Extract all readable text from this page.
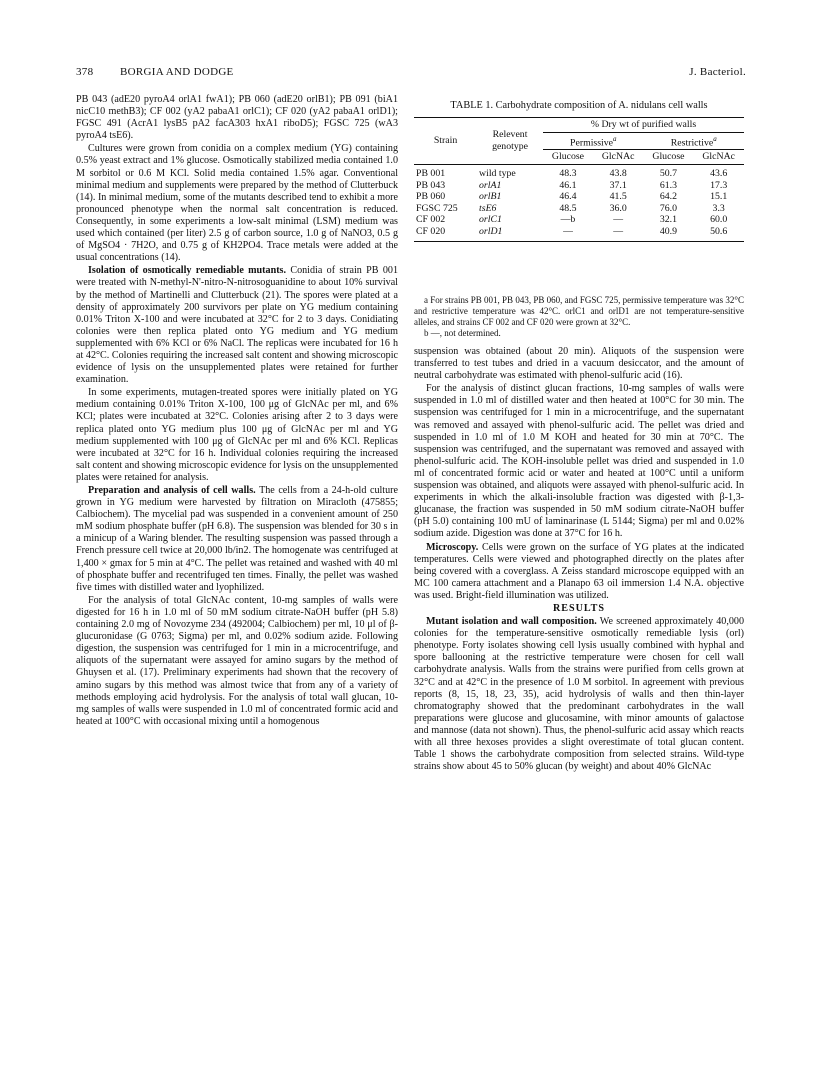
378 BORGIA AND DODGE	J. Bacteriol.

PB 043 (adE20 pyroA4 orlA1 fwA1); PB 060 (adE20 orlB1); PB 091 (biA1 nicC10 methB3); CF 002 (yA2 pabaA1 orlC1); CF 020 (yA2 pabaA1 orlD1); FGSC 491 (AcrA1 lysB5 pA2 facA303 hxA1 riboD5); FGSC 725 (wA3 pyroA4 tsE6).

Cultures were grown from conidia on a complex medium (YG) containing 0.5% yeast extract and 1% glucose. Osmotically stabilized media contained 1.0 M sorbitol or 0.6 M KCl. Solid media contained 1.5% agar. Conventional minimal medium and supplements were prepared by the method of Clutterbuck (14). In minimal medium, some of the mutants described tend to exhibit a more pronounced phenotype when the normal salt concentration is reduced. Consequently, in some experiments a low-salt minimal (LSM) medium was used which contained (per liter) 2.5 g of carbon source, 1.0 g of NaNO3, 0.5 g of MgSO4 · 7H2O, and 0.75 g of KH2PO4. Trace metals were added at the usual concentrations (14).

Isolation of osmotically remediable mutants. Conidia of strain PB 001 were treated with N-methyl-N'-nitro-N-nitrosoguanidine to about 10% survival by the method of Martinelli and Clutterbuck (21). The spores were plated at a density of approximately 200 survivors per plate on YG medium containing 0.01% Triton X-100 and were incubated at 32°C for 2 to 3 days. Conidiating colonies were then replica plated onto YG medium and YG medium supplemented with 6% KCl or 6% NaCl. The replicas were incubated for 16 h at 42°C. Colonies requiring the increased salt content and showing microscopic evidence of lysis on the unsupplemented plates were retained for further examination.

In some experiments, mutagen-treated spores were initially plated on YG medium containing 0.01% Triton X-100, 100 μg of GlcNAc per ml, and 6% KCl; plates were incubated at 32°C. Colonies arising after 2 to 3 days were replica plated onto YG medium plus 100 μg of GlcNAc per ml and YG medium supplemented with 100 μg of GlcNAc per ml and 6% KCl. Replicas were incubated at 32°C for 16 h. Individual colonies requiring the increased salt content and showing microscopic evidence for lysis on the unsupplemented plates were retained for analysis.

Preparation and analysis of cell walls. The cells from a 24-h-old culture grown in YG medium were harvested by filtration on Miracloth (475855; Calbiochem). The mycelial pad was suspended in a convenient amount of 250 mM sodium phosphate buffer (pH 6.8). The suspension was blended for 30 s in a minicup of a Waring blender. The resulting suspension was passed through a French pressure cell twice at 20,000 lb/in2. The homogenate was centrifuged at 1,400 × gmax for 5 min at 4°C. The pellet was retained and washed with 40 ml of phosphate buffer and recentrifuged ten times. Finally, the pellet was washed five times with distilled water and lyophilized.

For the analysis of total GlcNAc content, 10-mg samples of walls were digested for 16 h in 1.0 ml of 50 mM sodium citrate-NaOH buffer (pH 5.8) containing 2.0 mg of Novozyme 234 (492004; Calbiochem) per ml, 10 μl of β-glucuronidase (G 0763; Sigma) per ml, and 0.02% sodium azide. Following digestion, the suspension was centrifuged for 1 min in a microcentrifuge, and aliquots of the supernatant were assayed for amino sugars by the method of Ghuysen et al. (17). Preliminary experiments had shown that the recovery of amino sugars by this method was almost twice that from any of a variety of methods employing acid hydrolysis. For the analysis of total wall glucan, 10-mg samples of walls were suspended in 1.0 ml of concentrated formic acid and heated at 100°C with occasional mixing until a homogenous

TABLE 1. Carbohydrate composition of A. nidulans cell walls
Strain	Relevent genotype	% Dry wt of purified walls			
		Permissive$^a$		Restrictive$^a$
		Glucose	GlcNAc	Glucose	GlcNAc
PB 001	wild type	48.3	43.8	50.7	43.6
PB 043	orlA1	46.1	37.1	61.3	17.3
PB 060	orlB1	46.4	41.5	64.2	15.1
FGSC 725	tsE6	48.5	36.0	76.0	3.3
CF 002	orlC1	—b	—	32.1	60.0
CF 020	orlD1	—	—	40.9	50.6

a For strains PB 001, PB 043, PB 060, and FGSC 725, permissive temperature was 32°C and restrictive temperature was 42°C. orlC1 and orlD1 are not temperature-sensitive alleles, and strains CF 002 and CF 020 were grown at 32°C.

b —, not determined.

suspension was obtained (about 20 min). Aliquots of the suspension were transferred to test tubes and dried in a vacuum desiccator, and the amount of neutral carbohydrate was estimated with phenol-sulfuric acid (16).

For the analysis of distinct glucan fractions, 10-mg samples of walls were suspended in 1.0 ml of distilled water and then heated at 100°C for 30 min. The suspension was centrifuged for 1 min in a microcentrifuge, and the supernatant was removed and assayed with phenol-sulfuric acid. The pellet was dried and suspended in 1.0 ml of 1.0 M KOH and heated for 30 min at 70°C. The suspension was centrifuged, and the supernatant was removed and assayed with phenol-sulfuric acid. The KOH-insoluble pellet was dried and suspended in 1.0 ml of concentrated formic acid or water and heated at 100°C until a uniform suspension was obtained, and aliquots were assayed with phenol-sulfuric acid. In experiments in which the alkali-insoluble fraction was digested with β-1,3-glucanase, the fraction was suspended in 50 mM sodium citrate-NaOH buffer (pH 5.0) containing 100 mU of laminarinase (L 5144; Sigma) per ml and 0.02% sodium azide. Digestion was done at 37°C for 16 h.

Microscopy. Cells were grown on the surface of YG plates at the indicated temperatures. Cells were viewed and photographed directly on the plates after being covered with a coverglass. A Zeiss standard microscope equipped with an MC 100 camera attachment and a Planapo 63 oil immersion 1.4 N.A. objective was used. Bright-field illumination was utilized.

RESULTS

Mutant isolation and wall composition. We screened approximately 40,000 colonies for the temperature-sensitive osmotically remediable lysis (orl) phenotype. Forty isolates showing cell lysis usually combined with hyphal and spore ballooning at the restrictive temperature were chosen for cell wall carbohydrate analysis. Walls from the strains were purified from cells grown at 32°C and at 42°C in the presence of 1.0 M sorbitol. In agreement with previous reports (8, 15, 18, 23, 35), acid hydrolysis of walls and then thin-layer chromatography showed that the predominant carbohydrates in the wall preparations were glucose and glucosamine, with minor amounts of galactose and mannose (data not shown). Thus, the phenol-sulfuric acid assay which reacts with all three hexoses provides a slight overestimate of total glucan content. Table 1 shows the carbohydrate composition from selected strains. Wild-type strains show about 45 to 50% glucan (by weight) and about 40% GlcNAc
